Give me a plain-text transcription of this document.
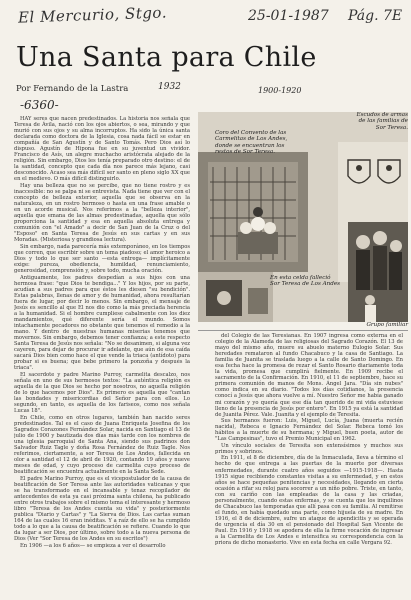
El Mercurio, Stgo.	25-01-1987 Pág. 7E
Una Santa para Chile
Por Fernando de la Lastra	1932	1900-1920
-6360-

HAY seres que nacen predestinados. La historia nos señala que Teresa de Ávila, nació con los ojos abiertos, o sea, mirando y que murió con sus ojos y su alma incorruptos. Ha sido la única santa declarada como doctora de la Iglesia, cosa nada fácil se estar en compañía de San Agustín y de Santo Tomás. Pero Dios así lo dispuso. Agustín de Hipona fue en su juventud un vividor. Francisco de Asís, un alegre muchacho aristócrata alejado de la religión. Sin embargo, Dios les tenía preparado otro destino: el de la santidad, concepto que cada día nos parece más lejano, casi desconocido. Acaso sea más difícil ser santo en pleno siglo XX que en el medievo. O más difícil distinguirlo.

Hay una belleza que no se percibe, que no tiene rostro y es inaccesible: no se palpa ni se entrevista. Nada tiene que ver con el concepto de belleza exterior, aquella que se observa en la naturaleza, en un rostro hermoso o hasta en una frase amable o en un acorde musical. Nos referimos a la "belleza interior", aquella que emana de las almas predestinadas, aquella que sólo proporciona la santidad y esa en aquella absoluta entrega y comunión con "el Amado" a decir de San Juan de la Cruz o del "Esposo" en Santa Teresa de Jesús en sus cartas y en sus Moradas. (Misteriosa y grandiosa lectura).

Sin embargo, nada parecería más extemporáneo, en los tiempos que corren, que escribir sobre un tema piadoso; el amor heroico a Dios y todo lo que ser santo —esta entrega— implícitamente exige: pureza, obediencia, humildad, renunciamiento, generosidad, comprensión y, sobre todo, mucha oración.

Antiguamente, los padres despedían a sus hijos con una hermosa frase: "que Dios te bendiga..." Y los hijos, por su parte, acudían a sus padres para que éstos les diesen "su bendición". Estas palabras, llenas de amor y de humanidad, ahora resultarían fuera de lugar, por decir lo menos. Sin embargo, el mensaje de Jesús es sencillo al que El nos dio como la más preciada herencia a la humanidad. Si el hombre cumpliese cabalmente con los diez mandamientos, qué diferente sería el mundo. Somos intachamente pecadores no obstante que tenemos el remedio a la mano. Y dentro de nuestras humanas miserias tenemos que movernos. Sin embargo, debemos tener confianza; a este respecto Santa Teresa de Jesús nos señala: "No se desanimen, si alguna vez cayeren, para dejar de procurar ir adelante, que aún de esa caída sacará Dios bien como hace el que vende la triaca (antídoto) para probar si es buena; que bebe primero la ponzoña y después la triaca".

El sacerdote y padre Marino Purroy, carmelita descalzo, nos señala en uno de sus hermosos textos: "La auténtica religión es aquella de la que Dios se hecho por nosotros, no aquella religión de lo que hacemos por Dios". Es primero es aquella que "cantan las bondades y misericordias del Señor para con ellos. Lo segundo, en tanto, es aquella de los fariseos, como nos señala Lucas 18".

En Chile, como en otros lugares, también han nacido seres predestinados. Tal es el caso de Juana Enriqueta Josefina de los Sagrados Corazones Fernández Solar, nacida en Santiago el 13 de julio de 1900 y bautizada dos días más tarde con los nombres de una iglesia parroquial de Santa Ana, siendo sus padrinos don Salvador Ruiz Tagle y doña Rosa Fernández de Ruiz Tagle. Nos referimos, ciertamente, a sor Teresa de Los Andes, fallecida en olor a santidad el 12 de abril de 1920, contando 19 años y nueve meses de edad, y cuyo proceso de carmelita cuyo proceso de beatificación se encuentra actualmente en la Santa Sede.

El padre Marino Purroy, que es el vicepostulador de la causa de beatificación de Sor Teresa ante las autoridades vaticanas y que se ha transformado en el incansable y tenaz recopilador de antecedentes de esta ya casi próxima santa chilena, ha publicado entre otros trabajos sobre el mismo tema el interesante y hermoso libro "Teresa de los Andes cuenta su vida" y posteriormente publica "Diario y Cartas" y "La Sierva de Dios. Las cartas suman 164 de las cuales 16 eran inéditas. Y a raíz de ello se ha cumplido todo a lo que a la causa de beatificación se refiere. Cuando lo que da lugar a ser Dios, por último, sobre todo a la nueva persona de Dios (Ver "Sor Teresa de los Andes en su escritos")

En 1906 —a los 6 años— se empieza a ver el desarrollo

Coro del Convento de las Carmelitas de Los Andes, donde se encuentran los restos de Sor Teresa.
Escudos de armas de las familias de Sor Teresa.
En esta celda falleció Sor Teresa de Los Andes
Grupo familiar

del Colegio de las Teresianas. En 1907 ingresa como externa en el colegio de la Alameda de las religiosas del Sagrado Corazón. El 13 de mayo del mismo año, muere su abuelo materno Eulogio Solar. Sus heredades remataron al fundo Chacabuco y la casa de Santiago. La familia de Juanita se traslada luego a la calle de Santo Domingo. En esa fecha hace la promesa de rezar el Santo Rosario diariamente toda la vida, promesa que cumplirá fielmente. En 1909 recibe el sacramento de la Confirmación. En 1910, el 11 de septiembre, hace su primera comunión de manos de Mons. Ángel Jara. "Día sin nubes" como indica en su diario. "Todos los días cotidianos, la presencia conocí a Jesús que ahora vuelve a mí. Nuestro Señor me había ganado mi corazón y yo quería que ese día tan querido de mi vida estuviese lleno de la presencia de Jesús por entero". En 1915 ya está la santidad de Juanita Pérez. Vale. Juanita y el ejemplo de Teresita.

Sus hermanos fueron: Luis, Miguel, Lucía, Juana (muerta recién nacida), Rebeca e Ignacio Fernández del Solar. Rebeca tomó los hábitos a la muerte de su hermana; y Miguel, buen poeta, autor de "Las Campesinas", tuvo el Premio Municipal en 1962.

Un vínculo sociales de Teresita son extensísimos y muchos sus primos y sobrinos.

En 1911, el 8 de diciembre, día de la Inmaculada, lleva a término el hecho de que entrega a las puertas de la muerte por diversas enfermedades, durante cuatro años seguidos —1915-1918—. Hasta 1915 sigue recibiendo constantes visitas a su enfermedad, y en estos años se hace pequeñas penitencias y necesidades, llegando en cierta ocasión a rifar su reloj para socorrer a un niño pobre. Triste, en tanto, con su cariño con las empleadas de la casa y las criadas, personalmente, cuando estas enfermas, y se cuenta que los inquilinos de Chacabuco las temporadas que allí pasa con su familia. Al remitirse el fundo, en había quedado una parte, como hijuela de su madre. En 1916, el 8 de diciembre, sufre un ataque de apendicitis y se operada de urgencia el día 30 en el pensionado del Hospital San Vicente de Paul. En 1916 y 1918 se apodera de ella la firme vocación de ingresar a la Carmelita de Los Andes e intensifica su correspondencia con la priora de dicho monasterio. Vive en esta fecha en calle Vergara 92.
